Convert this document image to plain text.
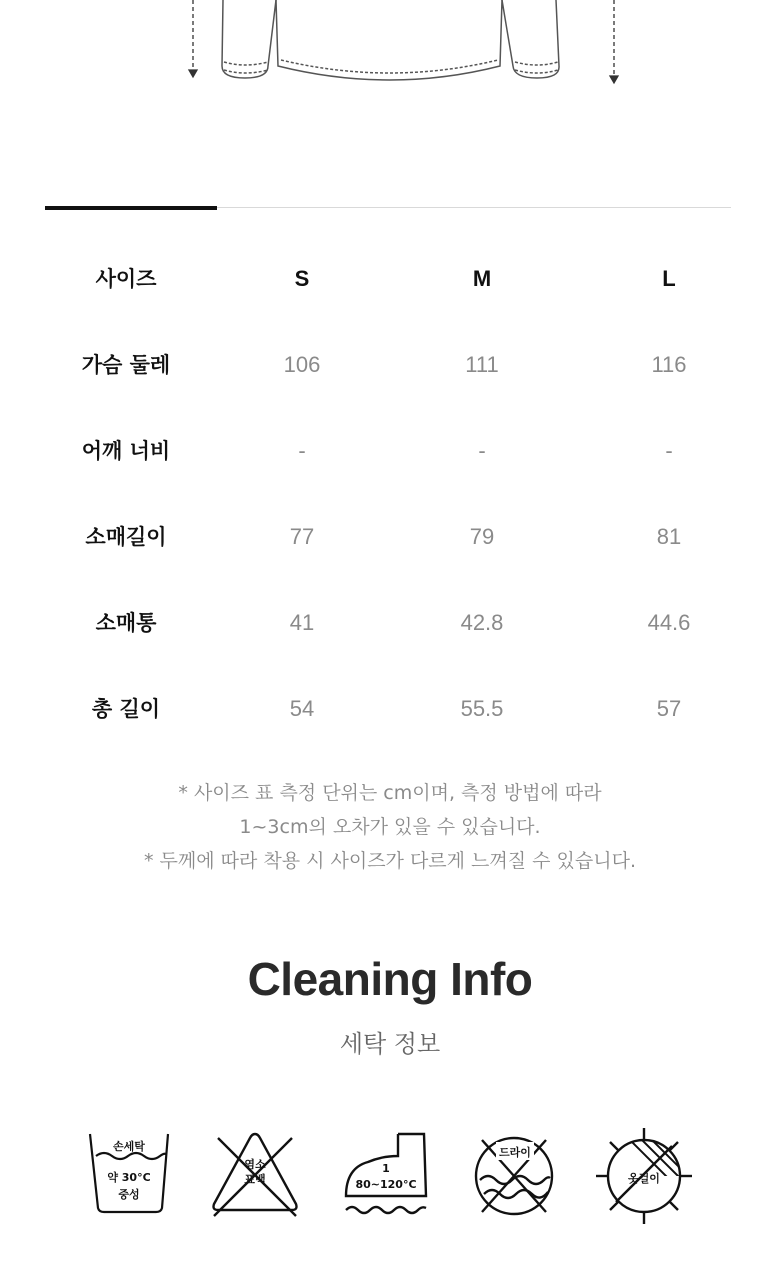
사이즈	S	M	L
가슴 둘레	106	111	116
어깨 너비	-	-	-
소매길이	77	79	81
소매통	41	42.8	44.6
총 길이	54	55.5	57
* 사이즈 표 측정 단위는 cm이며, 측정 방법에 따라
1~3cm의 오차가 있을 수 있습니다.
* 두께에 따라 착용 시 사이즈가 다르게 느껴질 수 있습니다.
Cleaning Info
세탁 정보
손세탁
약 30°C
중성
염소
표백
1
80~120°C
드라이
옷걸이
